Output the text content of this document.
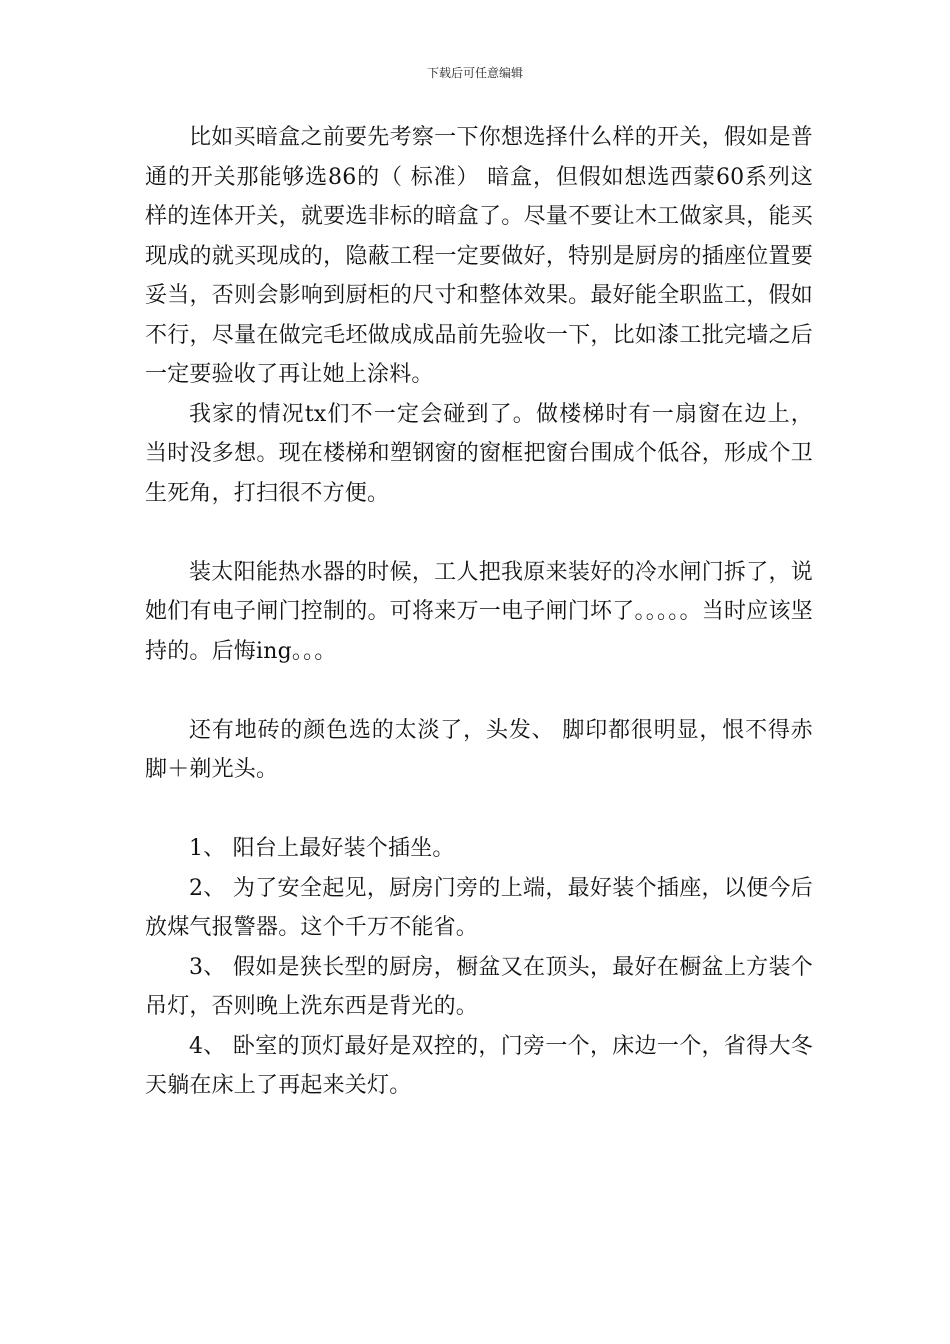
下载后可任意编辑

比如买暗盒之前要先考察一下你想选择什么样的开关，假如是普通的开关那能够选86的（ 标准） 暗盒，但假如想选西蒙60系列这样的连体开关，就要选非标的暗盒了。尽量不要让木工做家具，能买现成的就买现成的，隐蔽工程一定要做好，特别是厨房的插座位置要妥当，否则会影响到厨柜的尺寸和整体效果。最好能全职监工，假如不行，尽量在做完毛坯做成成品前先验收一下，比如漆工批完墙之后一定要验收了再让她上涂料。

我家的情况tx们不一定会碰到了。做楼梯时有一扇窗在边上， 当时没多想。现在楼梯和塑钢窗的窗框把窗台围成个低谷，形成个卫生死角，打扫很不方便。

装太阳能热水器的时候，工人把我原来装好的冷水闸门拆了，说她们有电子闸门控制的。可将来万一电子闸门坏了。。。。。当时应该坚持的。后悔ing。。。

还有地砖的颜色选的太淡了，头发、 脚印都很明显，恨不得赤脚＋剃光头。

1、 阳台上最好装个插坐。

2、 为了安全起见，厨房门旁的上端，最好装个插座，以便今后放煤气报警器。这个千万不能省。

3、 假如是狭长型的厨房，橱盆又在顶头，最好在橱盆上方装个吊灯，否则晚上洗东西是背光的。

4、 卧室的顶灯最好是双控的，门旁一个，床边一个，省得大冬天躺在床上了再起来关灯。
